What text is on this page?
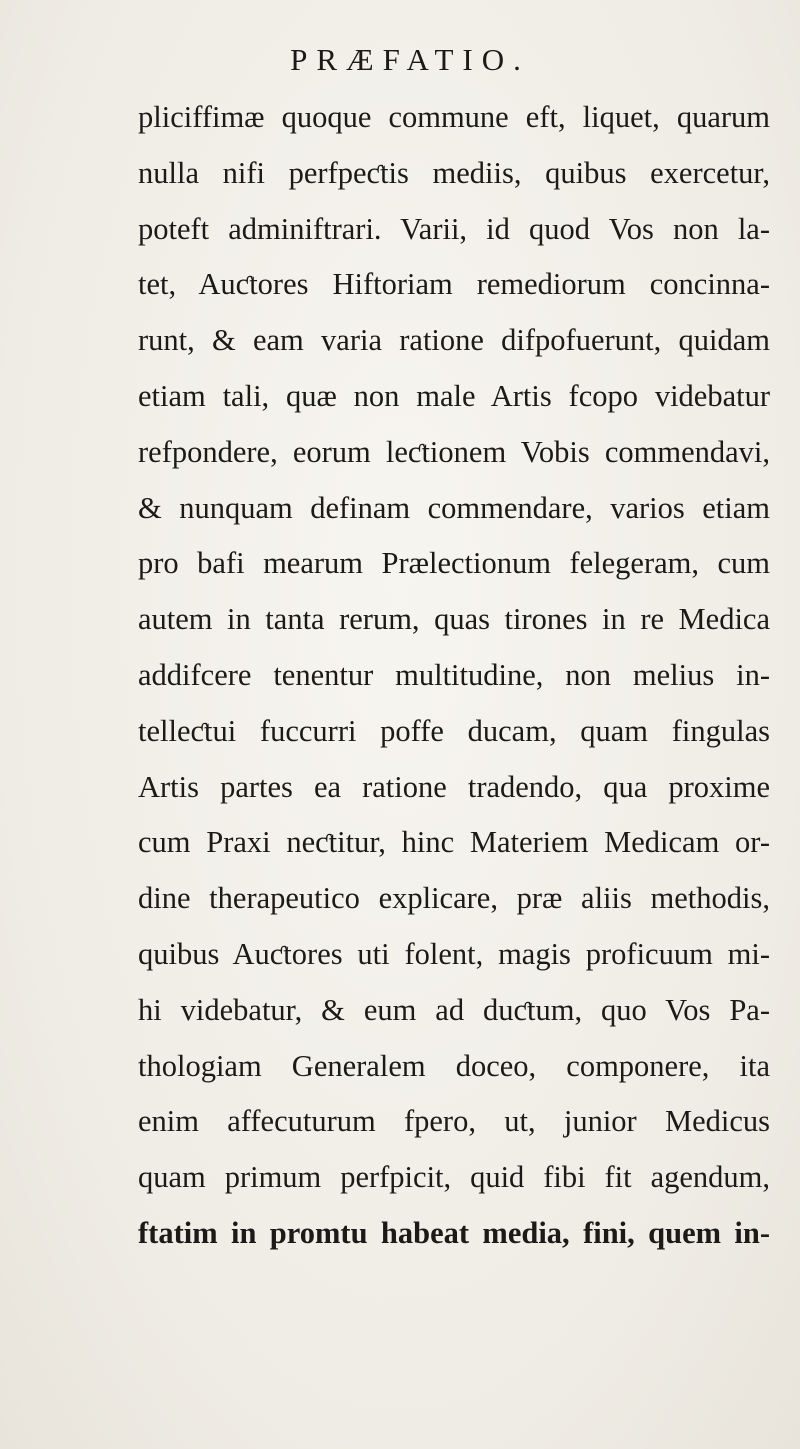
PRÆFATIO.
pliciffimæ quoque commune eft, liquet, quarum
nulla nifi perfpeƈtis mediis, quibus exercetur,
poteft adminiftrari. Varii, id quod Vos non la-
tet, Auƈtores Hiftoriam remediorum concinna-
runt, & eam varia ratione difpofuerunt, quidam
etiam tali, quæ non male Artis fcopo videbatur
refpondere, eorum leƈtionem Vobis commendavi,
& nunquam definam commendare, varios etiam
pro bafi mearum Prælectionum felegeram, cum
autem in tanta rerum, quas tirones in re Medica
addifcere tenentur multitudine, non melius in-
telleƈtui fuccurri poffe ducam, quam fingulas
Artis partes ea ratione tradendo, qua proxime
cum Praxi neƈtitur, hinc Materiem Medicam or-
dine therapeutico explicare, præ aliis methodis,
quibus Auƈtores uti folent, magis proficuum mi-
hi videbatur, & eum ad duƈtum, quo Vos Pa-
thologiam Generalem doceo, componere, ita
enim affecuturum fpero, ut, junior Medicus
quam primum perfpicit, quid fibi fit agendum,
ftatim in promtu habeat media, fini, quem in-
